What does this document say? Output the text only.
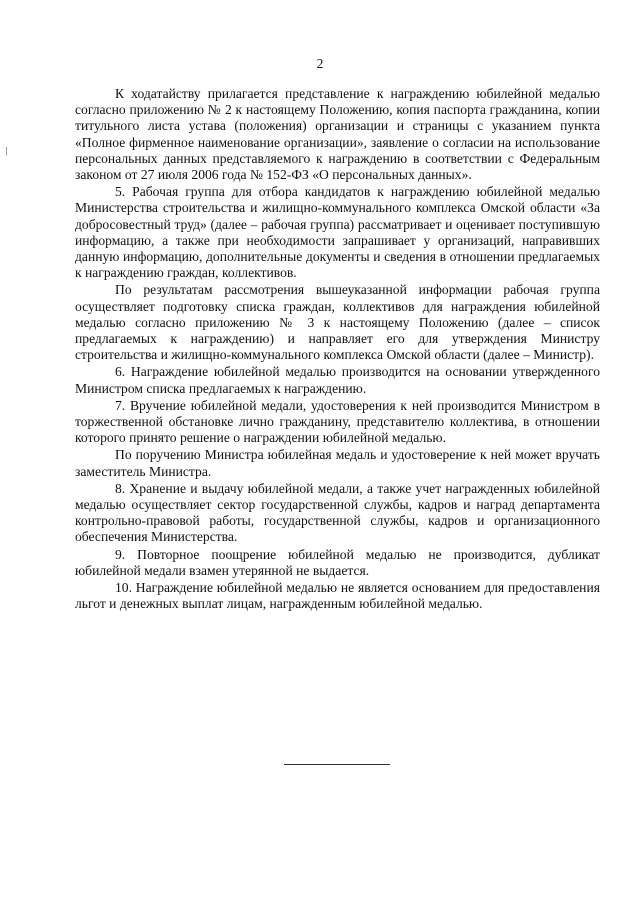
2

К ходатайству прилагается представление к награждению юбилейной медалью согласно приложению № 2 к настоящему Положению, копия паспорта гражданина, копии титульного листа устава (положения) организации и страницы с указанием пункта «Полное фирменное наименование организации», заявление о согласии на использование персональных данных представляемого к награждению в соответствии с Федеральным законом от 27 июля 2006 года № 152-ФЗ «О персональных данных».

5. Рабочая группа для отбора кандидатов к награждению юбилейной медалью Министерства строительства и жилищно-коммунального комплекса Омской области «За добросовестный труд» (далее – рабочая группа) рассматривает и оценивает поступившую информацию, а также при необходимости запрашивает у организаций, направивших данную информацию, дополнительные документы и сведения в отношении предлагаемых к награждению граждан, коллективов.

По результатам рассмотрения вышеуказанной информации рабочая группа осуществляет подготовку списка граждан, коллективов для награждения юбилейной медалью согласно приложению № 3 к настоящему Положению (далее – список предлагаемых к награждению) и направляет его для утверждения Министру строительства и жилищно-коммунального комплекса Омской области (далее – Министр).

6. Награждение юбилейной медалью производится на основании утвержденного Министром списка предлагаемых к награждению.

7. Вручение юбилейной медали, удостоверения к ней производится Министром в торжественной обстановке лично гражданину, представителю коллектива, в отношении которого принято решение о награждении юбилейной медалью.

По поручению Министра юбилейная медаль и удостоверение к ней может вручать заместитель Министра.

8. Хранение и выдачу юбилейной медали, а также учет награжденных юбилейной медалью осуществляет сектор государственной службы, кадров и наград департамента контрольно-правовой работы, государственной службы, кадров и организационного обеспечения Министерства.

9. Повторное поощрение юбилейной медалью не производится, дубликат юбилейной медали взамен утерянной не выдается.

10. Награждение юбилейной медалью не является основанием для предоставления льгот и денежных выплат лицам, награжденным юбилейной медалью.
